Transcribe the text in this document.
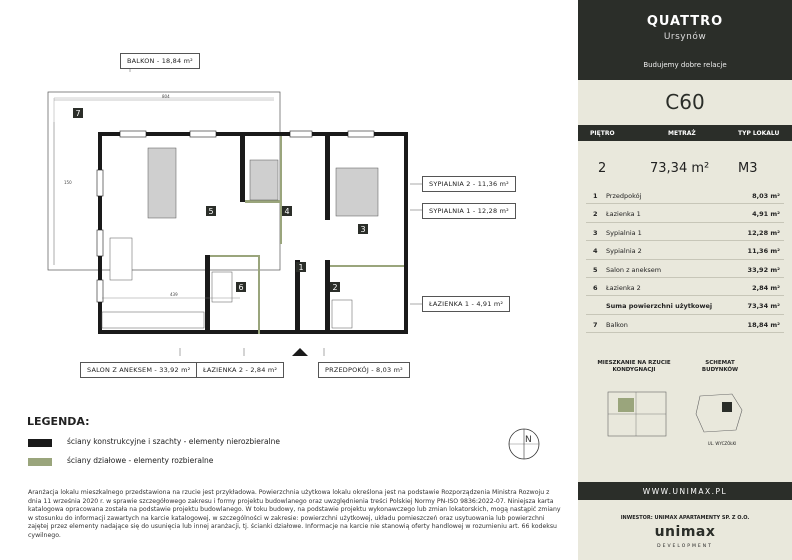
804
150
439
1
2
3
4
5
6
7
BALKON - 18,84 m²
SYPIALNIA 2 - 11,36 m²
SYPIALNIA 1 - 12,28 m²
ŁAZIENKA 1 - 4,91 m²
SALON Z ANEKSEM - 33,92 m²	ŁAZIENKA 2 - 2,84 m²	PRZEDPOKÓJ - 8,03 m²
LEGENDA:
ściany konstrukcyjne i szachty - elementy nierozbieralne
ściany działowe - elementy rozbieralne
N
Aranżacja lokalu mieszkalnego przedstawiona na rzucie jest przykładowa. Powierzchnia użytkowa lokalu określona jest na podstawie Rozporządzenia Ministra Rozwoju z dnia 11 września 2020 r. w sprawie szczegółowego zakresu i formy projektu budowlanego oraz uwzględnienia treści Polskiej Normy PN-ISO 9836:2022-07. Niniejsza karta katalogowa opracowana została na podstawie projektu budowlanego. W toku budowy, na podstawie projektu wykonawczego lub zmian lokatorskich, mogą nastąpić zmiany w stosunku do informacji zawartych na karcie katalogowej, w szczególności w zakresie: powierzchni użytkowej, układu pomieszczeń oraz usytuowania lub powierzchni zajętej przez elementy nadające się do usunięcia lub innej aranżacji, tj. ścianki działowe. Informacje na karcie nie stanowią oferty handlowej w rozumieniu art. 66 kodeksu cywilnego.
QUATTRO
Ursynów
Budujemy dobre relacje
C60
PIĘTRO	METRAŻ	TYP LOKALU
2	73,34 m² M3
1 Przedpokój	8,03 m²
2 Łazienka 1	4,91 m²
3 Sypialnia 1	12,28 m²
4 Sypialnia 2	11,36 m²
5 Salon z aneksem	33,92 m²
6 Łazienka 2	2,84 m²
Suma powierzchni użytkowej	73,34 m²
7 Balkon	18,84 m²
MIESZKANIE NA RZUCIE KONDYGNACJI
SCHEMAT BUDYNKÓW
UL. WYCZÓŁKI
WWW.UNIMAX.PL
INWESTOR: UNIMAX APARTAMENTY SP. Z O.O.
unimax
DEVELOPMENT
